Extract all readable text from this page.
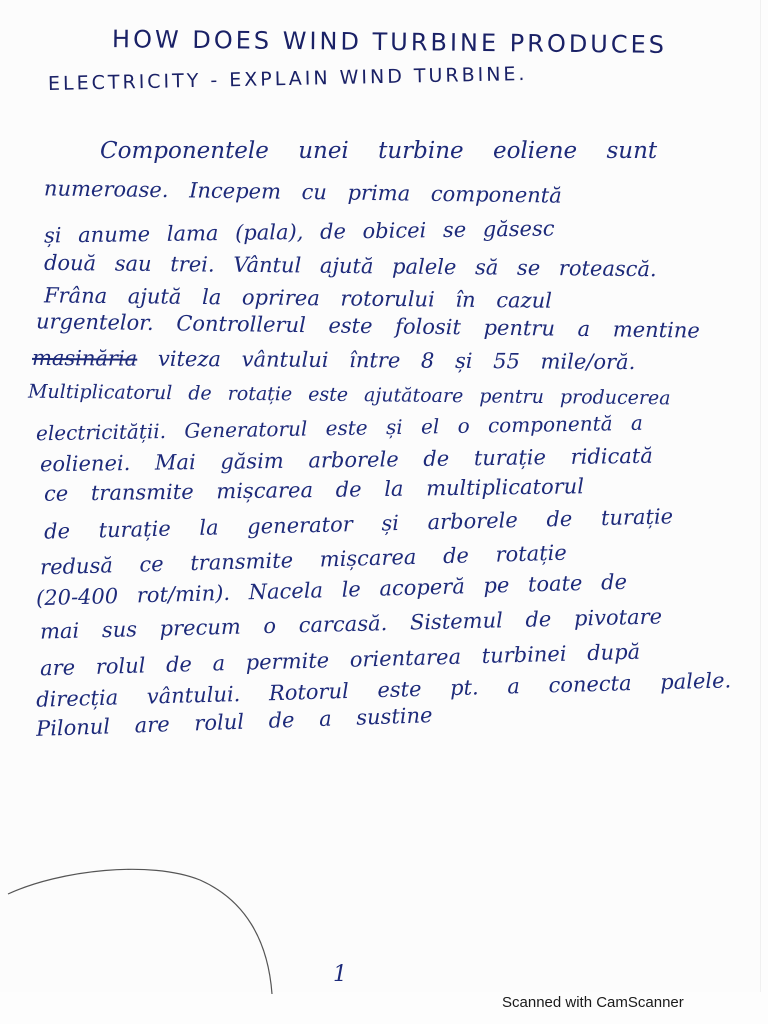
HOW DOES WIND TURBINE PRODUCES
ELECTRICITY - EXPLAIN WIND TURBINE.
Componentele unei turbine eoliene sunt
numeroase. Incepem cu prima componentă
și anume lama (pala), de obicei se găsesc
două sau trei. Vântul ajută palele să se rotească.
Frâna ajută la oprirea rotorului în cazul
urgentelor. Controllerul este folosit pentru a mentine
masinăria viteza vântului între 8 și 55 mile/oră.
Multiplicatorul de rotație este ajutătoare pentru producerea
electricității. Generatorul este și el o componentă a
eolienei. Mai găsim arborele de turație ridicată
ce transmite mișcarea de la multiplicatorul
de turație la generator și arborele de turație
redusă ce transmite mișcarea de rotație
(20-400 rot/min). Nacela le acoperă pe toate de
mai sus precum o carcasă. Sistemul de pivotare
are rolul de a permite orientarea turbinei după
direcția vântului. Rotorul este pt. a conecta palele.
Pilonul are rolul de a sustine
1
Scanned with CamScanner
